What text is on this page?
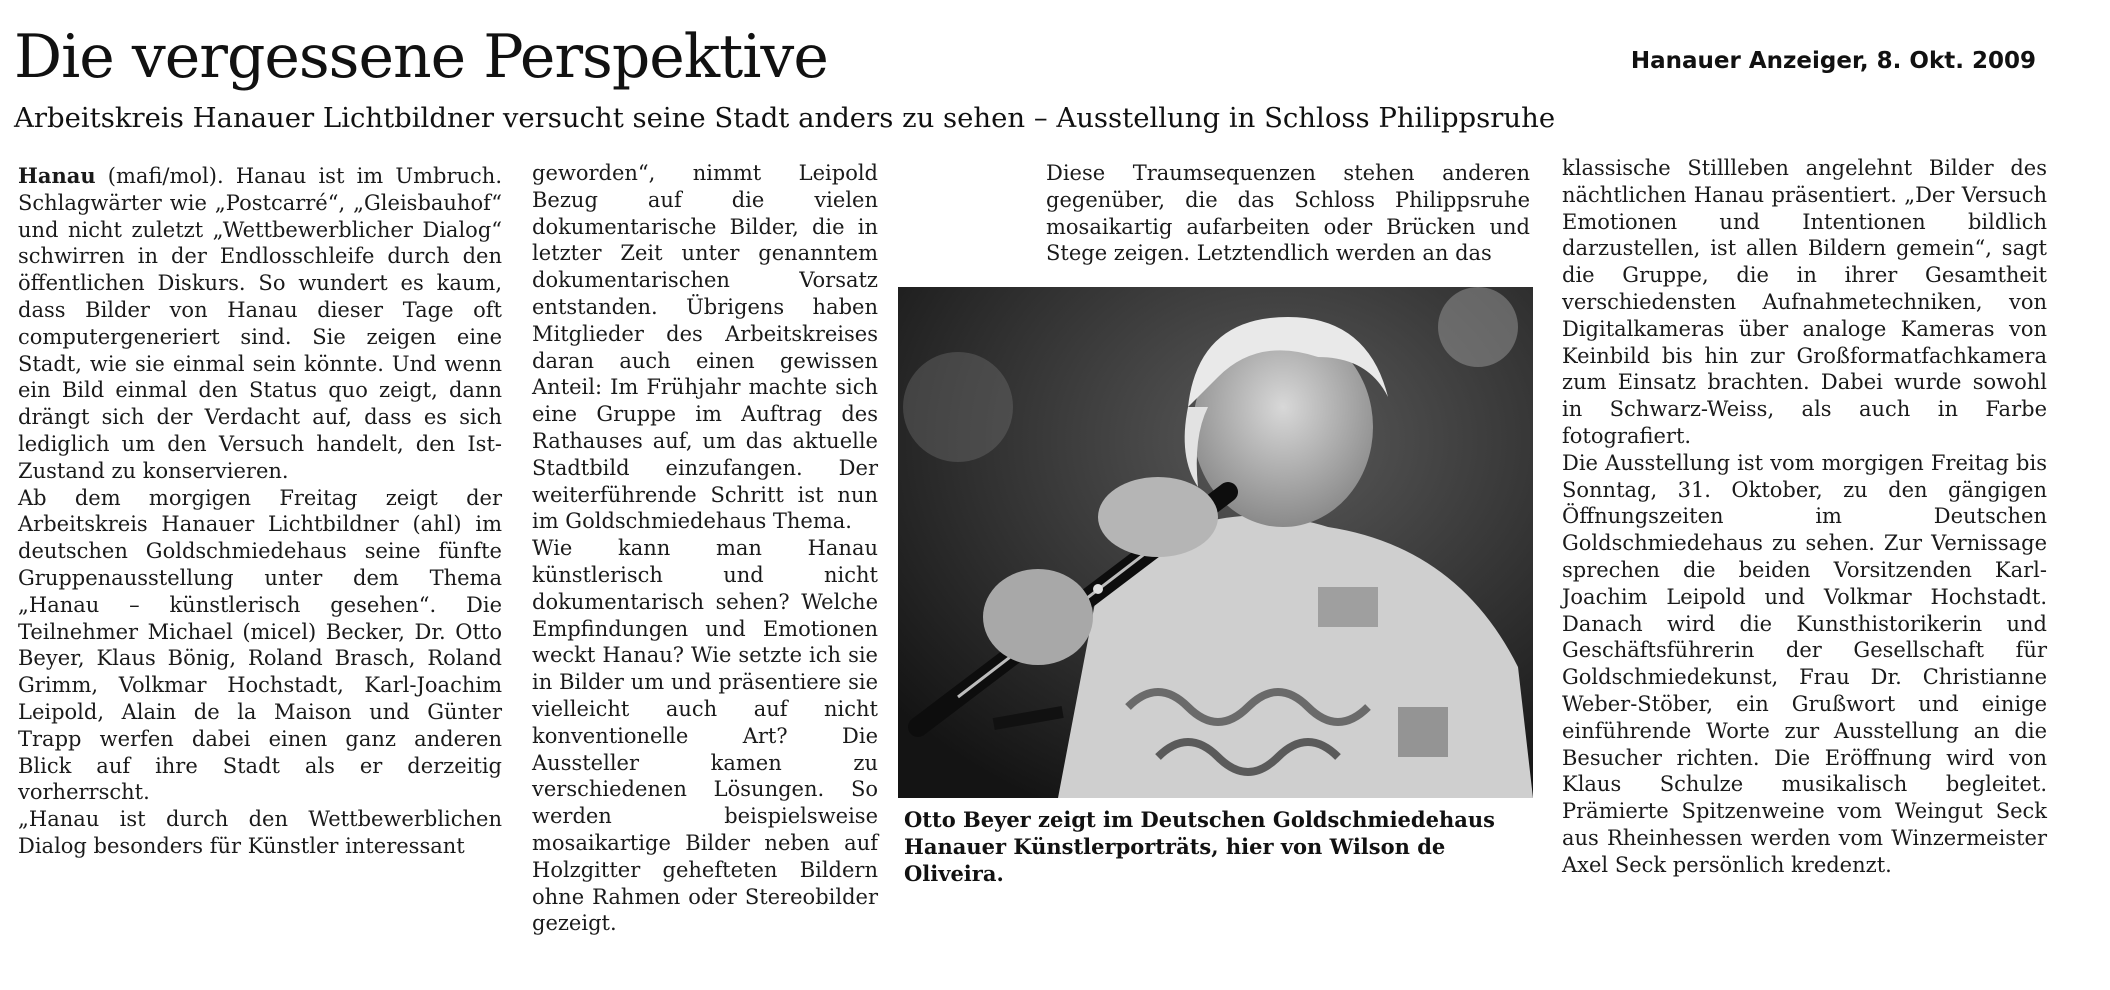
Die vergessene Perspektive	Hanauer Anzeiger, 8. Okt. 2009
Arbeitskreis Hanauer Lichtbildner versucht seine Stadt anders zu sehen – Ausstellung in Schloss Philippsruhe

Hanau (mafi/mol). Hanau ist im Umbruch. Schlagwärter wie „Postcarré“, „Gleisbauhof“ und nicht zuletzt „Wettbewerblicher Dialog“ schwirren in der Endlosschleife durch den öffentlichen Diskurs. So wundert es kaum, dass Bilder von Hanau dieser Tage oft computergeneriert sind. Sie zeigen eine Stadt, wie sie einmal sein könnte. Und wenn ein Bild einmal den Status quo zeigt, dann drängt sich der Verdacht auf, dass es sich lediglich um den Versuch handelt, den Ist-Zustand zu konservieren.

Ab dem morgigen Freitag zeigt der Arbeitskreis Hanauer Lichtbildner (ahl) im deutschen Goldschmiedehaus seine fünfte Gruppenausstellung unter dem Thema „Hanau – künstlerisch gesehen“. Die Teilnehmer Michael (micel) Becker, Dr. Otto Beyer, Klaus Bönig, Roland Brasch, Roland Grimm, Volkmar Hochstadt, Karl-Joachim Leipold, Alain de la Maison und Günter Trapp werfen dabei einen ganz anderen Blick auf ihre Stadt als er derzeitig vorherrscht.

„Hanau ist durch den Wettbewerblichen Dialog besonders für Künstler interessant

geworden“, nimmt Leipold Bezug auf die vielen dokumentarische Bilder, die in letzter Zeit unter genanntem dokumentarischen Vorsatz entstanden. Übrigens haben Mitglieder des Arbeitskreises daran auch einen gewissen Anteil: Im Frühjahr machte sich eine Gruppe im Auftrag des Rathauses auf, um das aktuelle Stadtbild einzufangen. Der weiterführende Schritt ist nun im Goldschmiedehaus Thema.

Wie kann man Hanau künstlerisch und nicht dokumentarisch sehen? Welche Empfindungen und Emotionen weckt Hanau? Wie setzte ich sie in Bilder um und präsentiere sie vielleicht auch auf nicht konventionelle Art? Die Aussteller kamen zu verschiedenen Lösungen. So werden beispielsweise mosaikartige Bilder neben auf Holzgitter gehefteten Bildern ohne Rahmen oder Stereobilder gezeigt.

Diese Traumsequenzen stehen anderen gegenüber, die das Schloss Philippsruhe mosaikartig aufarbeiten oder Brücken und Stege zeigen. Letztendlich werden an das

Otto Beyer zeigt im Deutschen Goldschmiedehaus Hanauer Künstlerporträts, hier von Wilson de Oliveira.

klassische Stillleben angelehnt Bilder des nächtlichen Hanau präsentiert. „Der Versuch Emotionen und Intentionen bildlich darzustellen, ist allen Bildern gemein“, sagt die Gruppe, die in ihrer Gesamtheit verschiedensten Aufnahmetechniken, von Digitalkameras über analoge Kameras von Keinbild bis hin zur Großformatfachkamera zum Einsatz brachten. Dabei wurde sowohl in Schwarz-Weiss, als auch in Farbe fotografiert.

Die Ausstellung ist vom morgigen Freitag bis Sonntag, 31. Oktober, zu den gängigen Öffnungszeiten im Deutschen Goldschmiedehaus zu sehen. Zur Vernissage sprechen die beiden Vorsitzenden Karl-Joachim Leipold und Volkmar Hochstadt. Danach wird die Kunsthistorikerin und Geschäftsführerin der Gesellschaft für Goldschmiedekunst, Frau Dr. Christianne Weber-Stöber, ein Grußwort und einige einführende Worte zur Ausstellung an die Besucher richten. Die Eröffnung wird von Klaus Schulze musikalisch begleitet. Prämierte Spitzenweine vom Weingut Seck aus Rheinhessen werden vom Winzermeister Axel Seck persönlich kredenzt.
